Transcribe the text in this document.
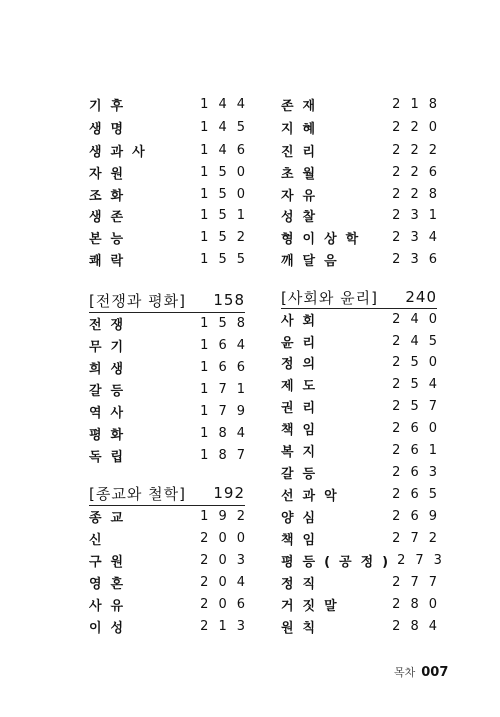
기후	144
생명	145
생과사	146
자원	150
조화	150
생존	151
본능	152
쾌락	155
[전쟁과 평화] 158
전쟁	158
무기	164
희생	166
갈등	171
역사	179
평화	184
독립	187
[종교와 철학] 192
종교	192
신	200
구원	203
영혼	204
사유	206
이성	213
존재	218
지혜	220
진리	222
초월	226
자유	228
성찰	231
형이상학 234
깨달음	236
[사회와 윤리] 240
사회	240
윤리	245
정의	250
제도	254
권리	257
책임	260
복지	261
갈등	263
선과악	265
양심	269
책임	272
평등(공정) 273
정직	277
거짓말	280
원칙	284
목차 007
